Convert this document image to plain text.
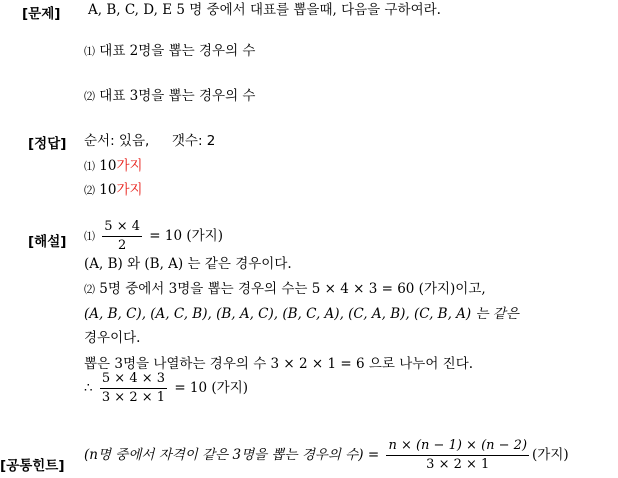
[문제] A, B, C, D, E 5 명 중에서 대표를 뽑을때, 다음을 구하여라.
⑴ 대표 2명을 뽑는 경우의 수
⑵ 대표 3명을 뽑는 경우의 수
[정답] 순서: 있음, 갯수: 2
⑴ 10가지
⑵ 10가지
[해설] ⑴ $\frac{5 \times 4}{2} = 10$ (가지)
(A, B) 와 (B, A) 는 같은 경우이다.
⑵ 5명 중에서 3명을 뽑는 경우의 수는 5 × 4 × 3 = 60 (가지)이고,
(A, B, C), (A, C, B), (B, A, C), (B, C, A), (C, A, B), (C, B, A) 는 같은
경우이다.
뽑은 3명을 나열하는 경우의 수 3 × 2 × 1 = 6 으로 나누어 진다.
∴ $\frac{5 \times 4 \times 3}{3 \times 2 \times 1} = 10$ (가지)
[공통힌트]
(n명 중에서 자격이 같은 3명을 뽑는 경우의 수) = $\frac{n \times (n - 1) \times (n - 2)}{3 \times 2 \times 1}$ (가지)
